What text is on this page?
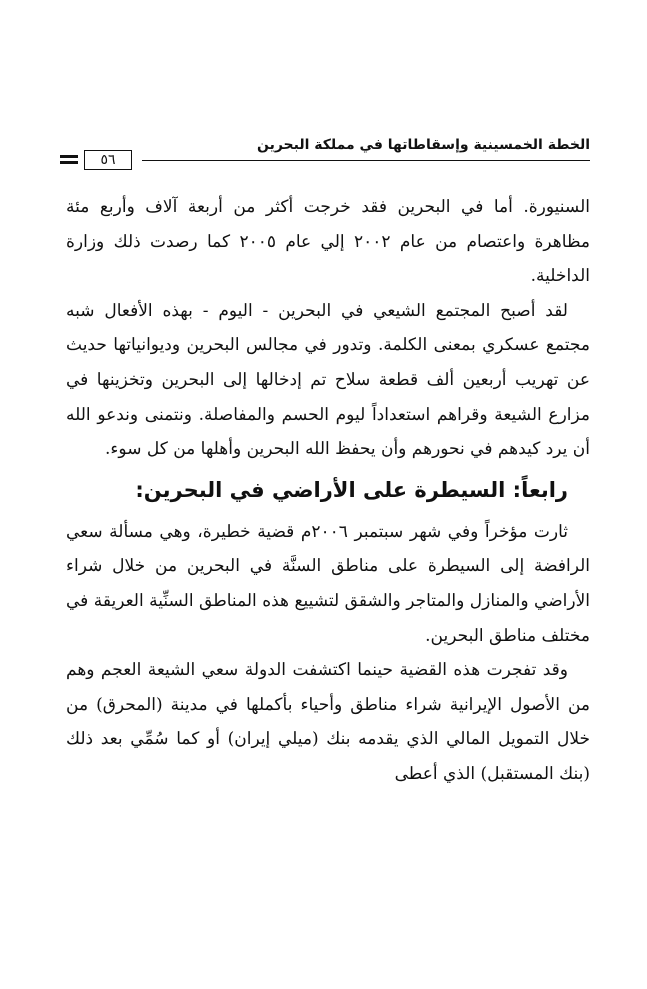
الخطة الخمسينية وإسقاطاتها في مملكة البحرين
٥٦

السنيورة. أما في البحرين فقد خرجت أكثر من أربعة آلاف وأربع مئة مظاهرة واعتصام من عام ٢٠٠٢ إلي عام ٢٠٠٥ كما رصدت ذلك وزارة الداخلية.

لقد أصبح المجتمع الشيعي في البحرين - اليوم - بهذه الأفعال شبه مجتمع عسكري بمعنى الكلمة. وتدور في مجالس البحرين وديوانياتها حديث عن تهريب أربعين ألف قطعة سلاح تم إدخالها إلى البحرين وتخزينها في مزارع الشيعة وقراهم استعداداً ليوم الحسم والمفاصلة. ونتمنى وندعو الله أن يرد كيدهم في نحورهم وأن يحفظ الله البحرين وأهلها من كل سوء.

رابعاً: السيطرة على الأراضي في البحرين:

ثارت مؤخراً وفي شهر سبتمبر ٢٠٠٦م قضية خطيرة، وهي مسألة سعي الرافضة إلى السيطرة على مناطق السنَّة في البحرين من خلال شراء الأراضي والمنازل والمتاجر والشقق لتشييع هذه المناطق السنِّية العريقة في مختلف مناطق البحرين.

وقد تفجرت هذه القضية حينما اكتشفت الدولة سعي الشيعة العجم وهم من الأصول الإيرانية شراء مناطق وأحياء بأكملها في مدينة (المحرق) من خلال التمويل المالي الذي يقدمه بنك (ميلي إيران) أو كما سُمِّي بعد ذلك (بنك المستقبل) الذي أعطى
